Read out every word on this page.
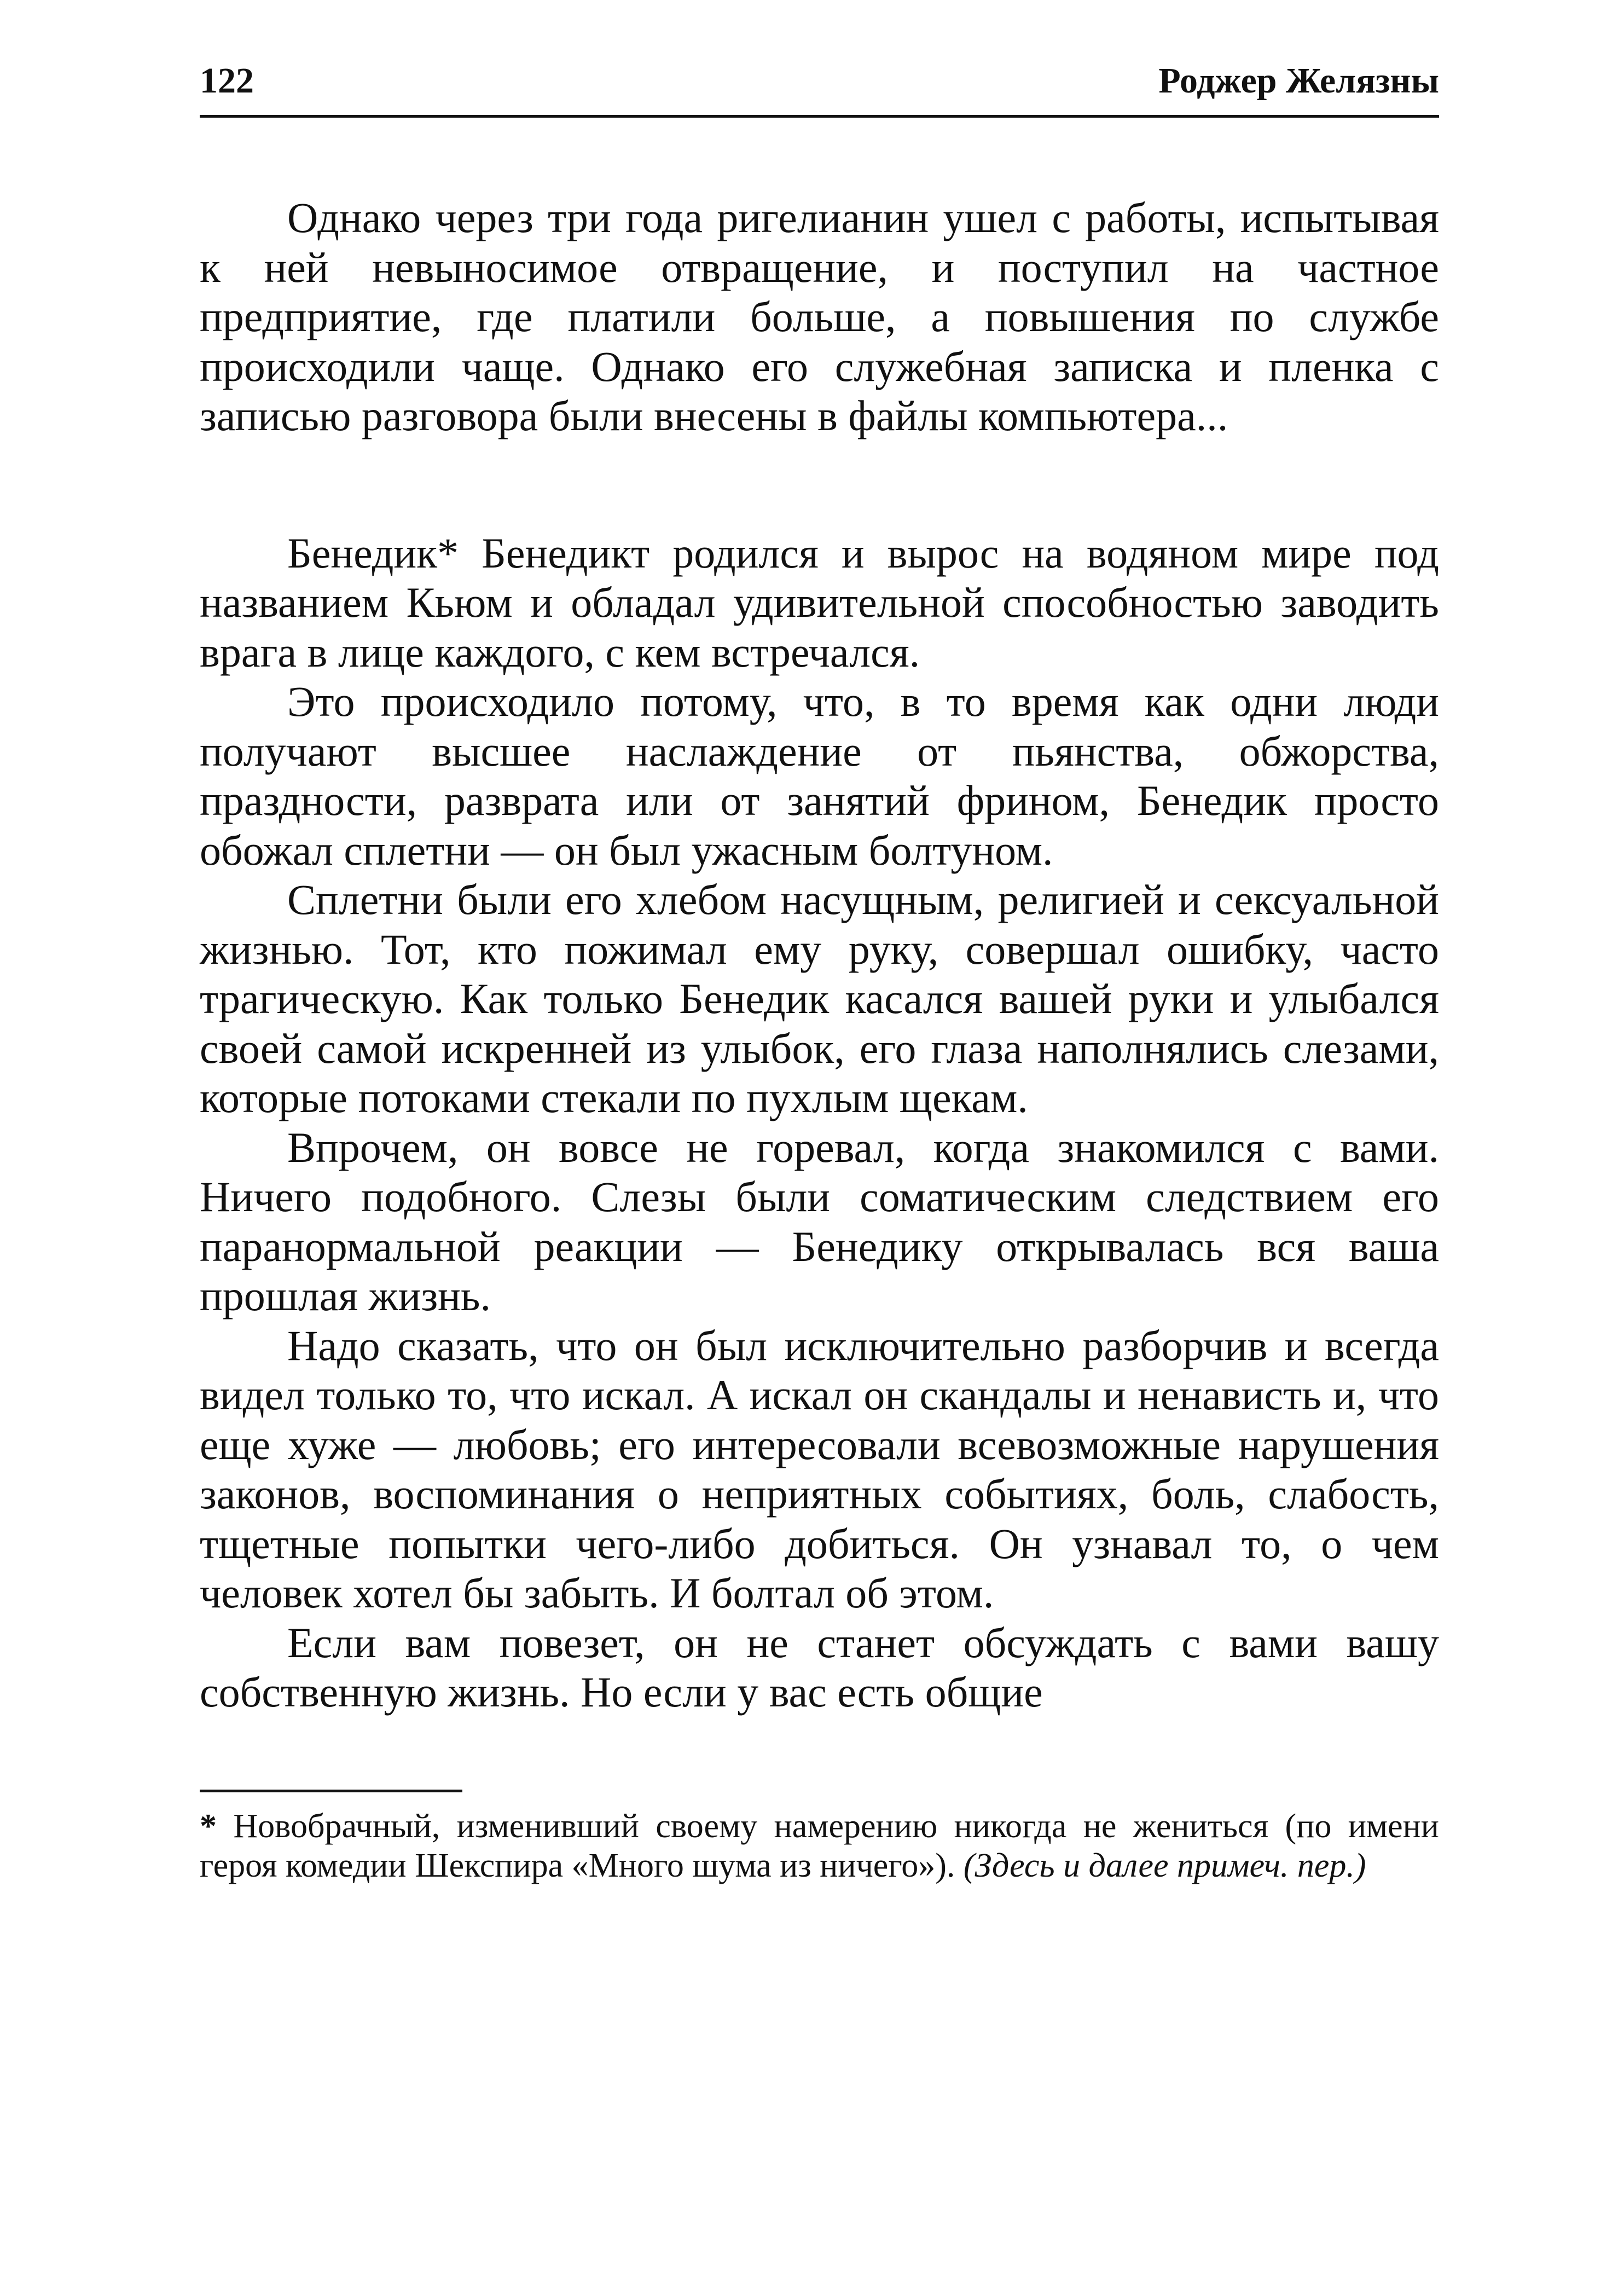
122	Роджер Желязны

Однако через три года ригелианин ушел с работы, испытывая к ней невыносимое отвращение, и поступил на частное предприятие, где платили больше, а повышения по службе происходили чаще. Однако его служебная записка и пленка с записью разговора были внесены в файлы компьютера...

Бенедик* Бенедикт родился и вырос на водяном мире под названием Кьюм и обладал удивительной способностью заводить врага в лице каждого, с кем встречался.

Это происходило потому, что, в то время как одни люди получают высшее наслаждение от пьянства, обжорства, праздности, разврата или от занятий фрином, Бенедик просто обожал сплетни — он был ужасным болтуном.

Сплетни были его хлебом насущным, религией и сексуальной жизнью. Тот, кто пожимал ему руку, совершал ошибку, часто трагическую. Как только Бенедик касался вашей руки и улыбался своей самой искренней из улыбок, его глаза наполнялись слезами, которые потоками стекали по пухлым щекам.

Впрочем, он вовсе не горевал, когда знакомился с вами. Ничего подобного. Слезы были соматическим следствием его паранормальной реакции — Бенедику открывалась вся ваша прошлая жизнь.

Надо сказать, что он был исключительно разборчив и всегда видел только то, что искал. А искал он скандалы и ненависть и, что еще хуже — любовь; его интересовали всевозможные нарушения законов, воспоминания о неприятных событиях, боль, слабость, тщетные попытки чего-либо добиться. Он узнавал то, о чем человек хотел бы забыть. И болтал об этом.

Если вам повезет, он не станет обсуждать с вами вашу собственную жизнь. Но если у вас есть общие

* Новобрачный, изменивший своему намерению никогда не жениться (по имени героя комедии Шекспира «Много шума из ничего»). (Здесь и далее примеч. пер.)
